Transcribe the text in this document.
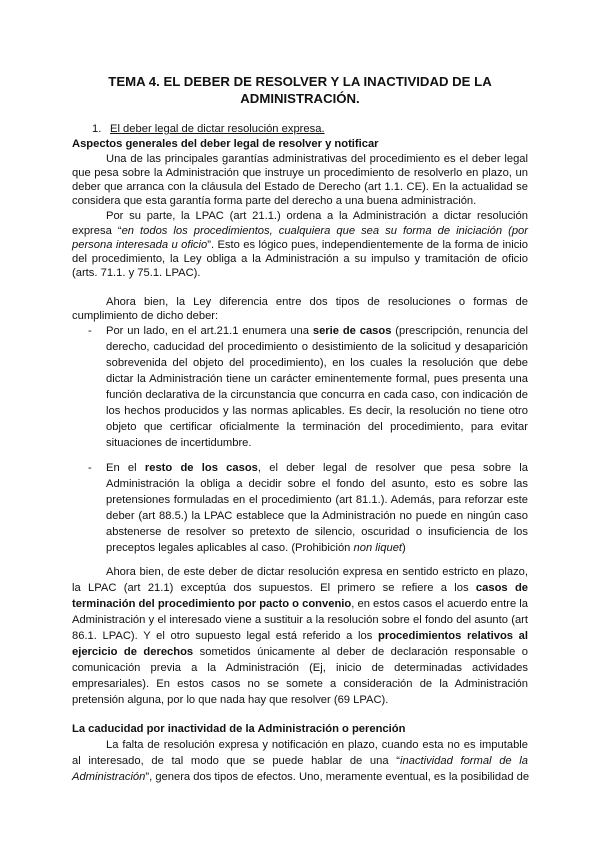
TEMA 4. EL DEBER DE RESOLVER Y LA INACTIVIDAD DE LA
ADMINISTRACIÓN.
1. El deber legal de dictar resolución expresa.
Aspectos generales del deber legal de resolver y notificar
Una de las principales garantías administrativas del procedimiento es el deber legal
que pesa sobre la Administración que instruye un procedimiento de resolverlo en plazo, un
deber que arranca con la cláusula del Estado de Derecho (art 1.1. CE). En la actualidad se
considera que esta garantía forma parte del derecho a una buena administración.
Por su parte, la LPAC (art 21.1.) ordena a la Administración a dictar resolución
expresa “en todos los procedimientos, cualquiera que sea su forma de iniciación (por
persona interesada u oficio”. Esto es lógico pues, independientemente de la forma de inicio
del procedimiento, la Ley obliga a la Administración a su impulso y tramitación de oficio
(arts. 71.1. y 75.1. LPAC).
Ahora bien, la Ley diferencia entre dos tipos de resoluciones o formas de
cumplimiento de dicho deber:
- Por un lado, en el art.21.1 enumera una serie de casos (prescripción, renuncia del
derecho, caducidad del procedimiento o desistimiento de la solicitud y desaparición
sobrevenida del objeto del procedimiento), en los cuales la resolución que debe
dictar la Administración tiene un carácter eminentemente formal, pues presenta una
función declarativa de la circunstancia que concurra en cada caso, con indicación de
los hechos producidos y las normas aplicables. Es decir, la resolución no tiene otro
objeto que certificar oficialmente la terminación del procedimiento, para evitar
situaciones de incertidumbre.
- En el resto de los casos, el deber legal de resolver que pesa sobre la
Administración la obliga a decidir sobre el fondo del asunto, esto es sobre las
pretensiones formuladas en el procedimiento (art 81.1.). Además, para reforzar este
deber (art 88.5.) la LPAC establece que la Administración no puede en ningún caso
abstenerse de resolver so pretexto de silencio, oscuridad o insuficiencia de los
preceptos legales aplicables al caso. (Prohibición non liquet)
Ahora bien, de este deber de dictar resolución expresa en sentido estricto en plazo,
la LPAC (art 21.1) exceptúa dos supuestos. El primero se refiere a los casos de
terminación del procedimiento por pacto o convenio, en estos casos el acuerdo entre la
Administración y el interesado viene a sustituir a la resolución sobre el fondo del asunto (art
86.1. LPAC). Y el otro supuesto legal está referido a los procedimientos relativos al
ejercicio de derechos sometidos únicamente al deber de declaración responsable o
comunicación previa a la Administración (Ej, inicio de determinadas actividades
empresariales). En estos casos no se somete a consideración de la Administración
pretensión alguna, por lo que nada hay que resolver (69 LPAC).
La caducidad por inactividad de la Administración o perención
La falta de resolución expresa y notificación en plazo, cuando esta no es imputable
al interesado, de tal modo que se puede hablar de una “inactividad formal de la
Administración”, genera dos tipos de efectos. Uno, meramente eventual, es la posibilidad de
